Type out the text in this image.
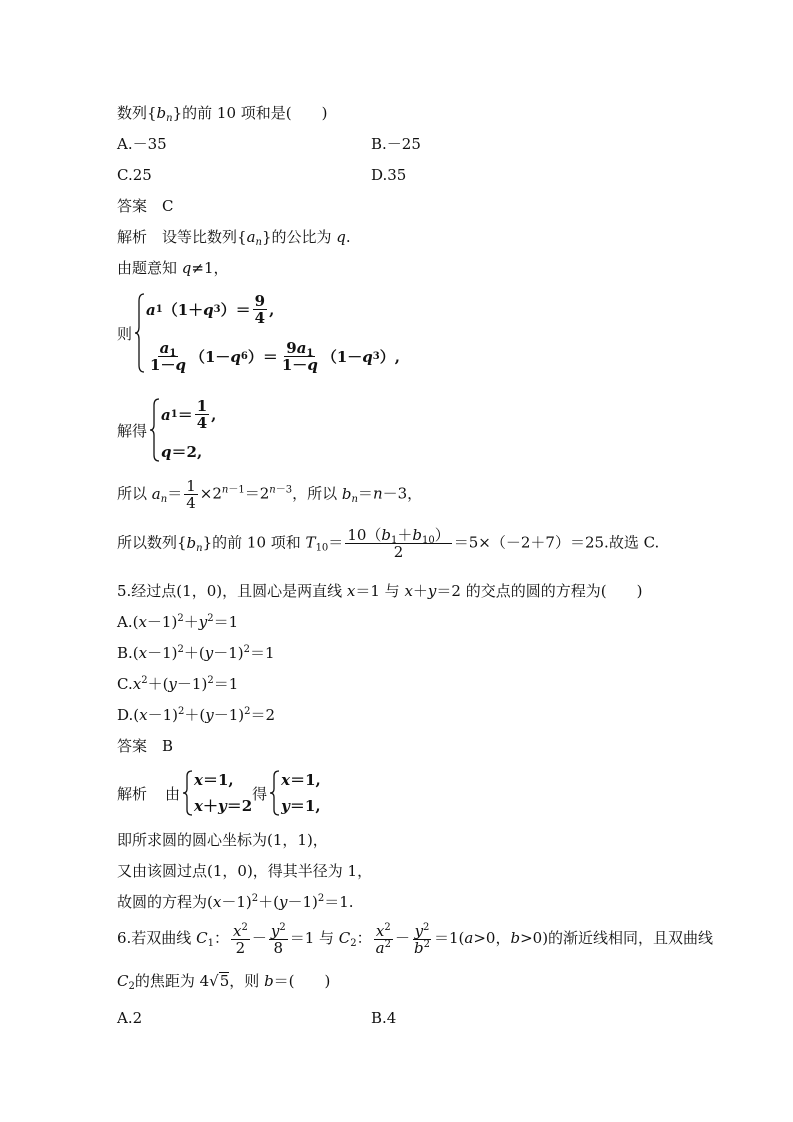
数列$\{b_n\}$的前 10 项和是(　　)
A.－35	B.－25
C.25	D.35
答案　 C
解析　设等比数列$\{a_n\}$的公比为 q.
由题意知 q≠1，
则
a 1 （1＋ q 3 ）＝ $\frac{9}{4}$ ,
$\frac{a_1}{1-q} (1- q$ 6 ）＝ $\frac{9a_1}{1-q} (1- q$ 3 ）,
解得
a $1 = \frac{1}{4}$ ,
q ＝2,
所以 $a_n= \frac{1}{4} \times 2^{n-1}=2^{n-3}$，所以 $b_n=n-3$，
所以数列$\{b_n\}$的前 10 项和 $T_{10}= \frac{10(b_1+b_{10})}{2} =5\times(-2+7)=25$.故选 C.
5.经过点(1，0)，且圆心是两直线 x＝1 与 x＋y＝2 的交点的圆的方程为(　　)
$A.(x-1)^2+y^2=1$
$B.(x-1)^2+(y-1)^2=1$
$C.x^2+(y-1)^2=1$
$D.(x-1)^2+(y-1)^2=2$
答案　 B
解析 由
x ＝1,
x ＋ y ＝2
得
x ＝1,
y ＝1,
即所求圆的圆心坐标为(1，1)，
又由该圆过点(1，0)，得其半径为 1，
故圆的方程为$(x-1)^2+(y-1)^2=1$.
6.若双曲线 $C_1$： $\frac{x^2}{2} - \frac{y^2}{8} =1$ 与 $C_2$： $\frac{x^2}{a^2} - \frac{y^2}{b^2} =1(a>0$，b>0)的渐近线相同，且双曲线
$C_2$的焦距为 4√5，则 b＝(　　)
A.2	B.4
